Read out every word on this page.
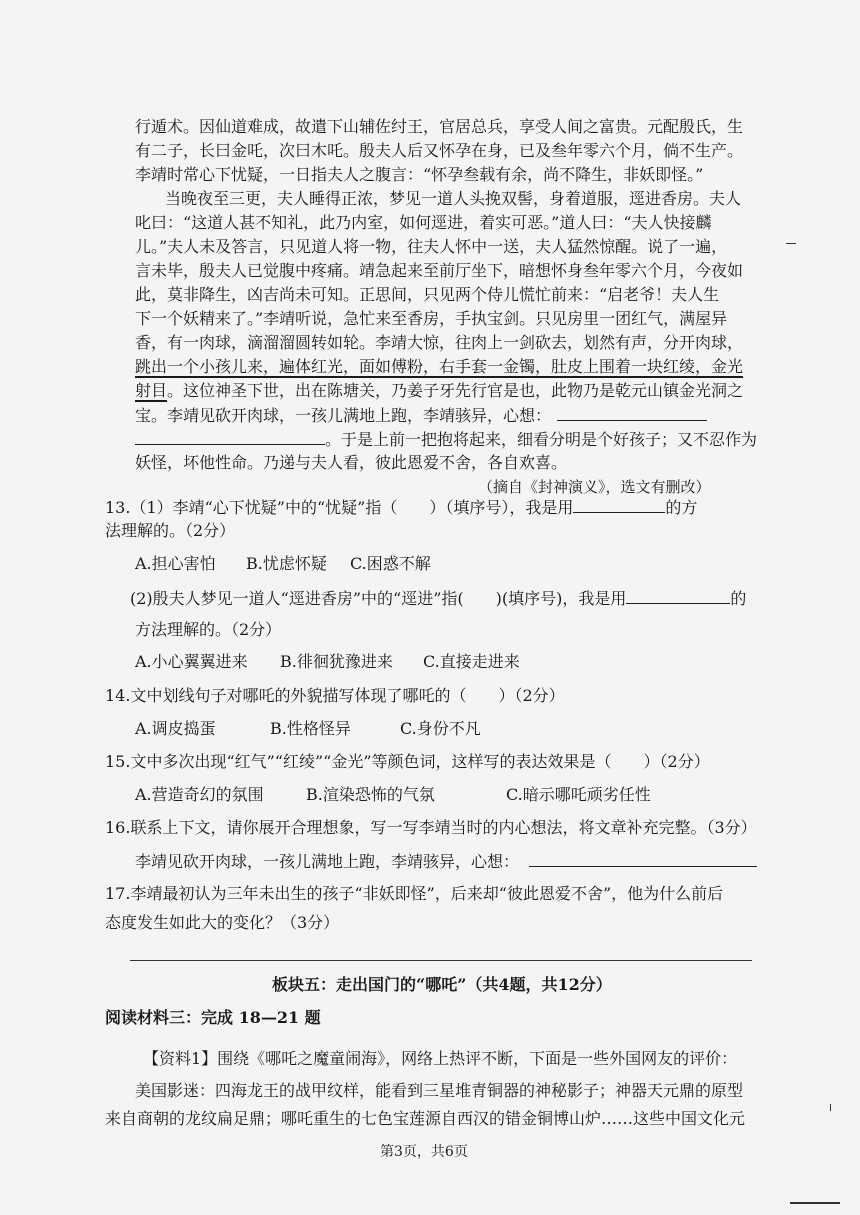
行遁术。因仙道难成，故遣下山辅佐纣王，官居总兵，享受人间之富贵。元配殷氏，生
有二子，长曰金吒，次曰木吒。殷夫人后又怀孕在身，已及叁年零六个月，倘不生产。
李靖时常心下忧疑，一日指夫人之腹言：“怀孕叁载有余，尚不降生，非妖即怪。”
当晚夜至三更，夫人睡得正浓，梦见一道人头挽双髻，身着道服，逕进香房。夫人
叱曰：“这道人甚不知礼，此乃内室，如何逕进，着实可恶。”道人曰：“夫人快接麟
儿。”夫人未及答言，只见道人将一物，往夫人怀中一送，夫人猛然惊醒。说了一遍，
言未毕，殷夫人已觉腹中疼痛。靖急起来至前厅坐下，暗想怀身叁年零六个月，今夜如
此，莫非降生，凶吉尚未可知。正思间，只见两个侍儿慌忙前来：“启老爷！夫人生
下一个妖精来了。”李靖听说，急忙来至香房，手执宝剑。只见房里一团红气，满屋异
香，有一肉球，滴溜溜圆转如轮。李靖大惊，往肉上一剑砍去，划然有声，分开肉球，
跳出一个小孩儿来，遍体红光，面如傅粉，右手套一金镯，肚皮上围着一块红绫，金光
射目。这位神圣下世，出在陈塘关，乃姜子牙先行官是也，此物乃是乾元山镇金光洞之
宝。李靖见砍开肉球，一孩儿满地上跑，李靖骇异，心想：
。于是上前一把抱将起来，细看分明是个好孩子；又不忍作为
妖怪，坏他性命。乃递与夫人看，彼此恩爱不舍，各自欢喜。
（摘自《封神演义》，选文有删改）
13.（1）李靖“心下忧疑”中的“忧疑”指（　　）（填序号），我是用	的方
法理解的。（2分）
A.担心害怕 B.忧虑怀疑 C.困惑不解
(2)殷夫人梦见一道人“逕进香房”中的“逕进”指(　　)(填序号)，我是用	的
方法理解的。（2分）
A.小心翼翼进来 B.徘徊犹豫进来 C.直接走进来
14.文中划线句子对哪吒的外貌描写体现了哪吒的（　　）（2分）
A.调皮捣蛋	B.性格怪异	C.身份不凡
15.文中多次出现“红气”“红绫”“金光”等颜色词，这样写的表达效果是（　　）（2分）
A.营造奇幻的氛围	B.渲染恐怖的气氛	C.暗示哪吒顽劣任性
16.联系上下文，请你展开合理想象，写一写李靖当时的内心想法，将文章补充完整。（3分）
李靖见砍开肉球，一孩儿满地上跑，李靖骇异，心想：
17.李靖最初认为三年未出生的孩子“非妖即怪”，后来却“彼此恩爱不舍”，他为什么前后
态度发生如此大的变化？（3分）
板块五：走出国门的“哪吒”（共4题，共12分）
阅读材料三：完成 18—21 题
【资料1】围绕《哪吒之魔童闹海》，网络上热评不断，下面是一些外国网友的评价：
美国影迷：四海龙王的战甲纹样，能看到三星堆青铜器的神秘影子；神器天元鼎的原型
来自商朝的龙纹扁足鼎；哪吒重生的七色宝莲源自西汉的错金铜博山炉……这些中国文化元
第3页，共6页
